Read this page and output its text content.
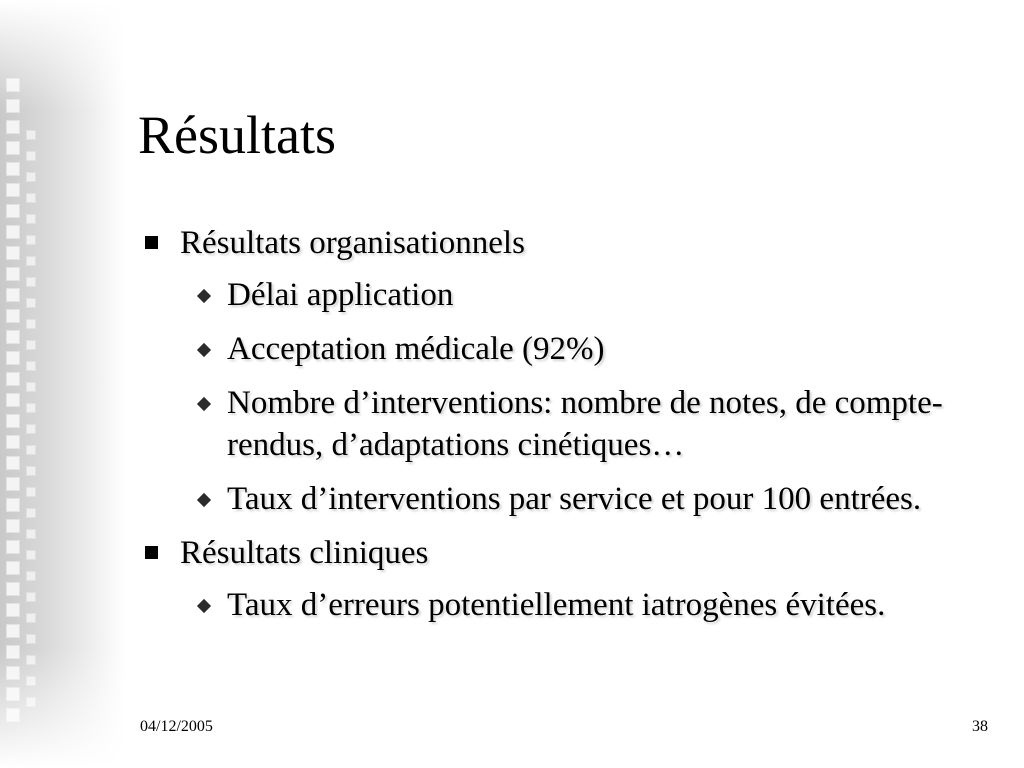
Résultats
Résultats organisationnels
Délai application
Acceptation médicale (92%)
Nombre d’interventions: nombre de notes, de compte-rendus, d’adaptations cinétiques…
Taux d’interventions par service et pour 100 entrées.
Résultats cliniques
Taux d’erreurs potentiellement iatrogènes évitées.
04/12/2005	38
